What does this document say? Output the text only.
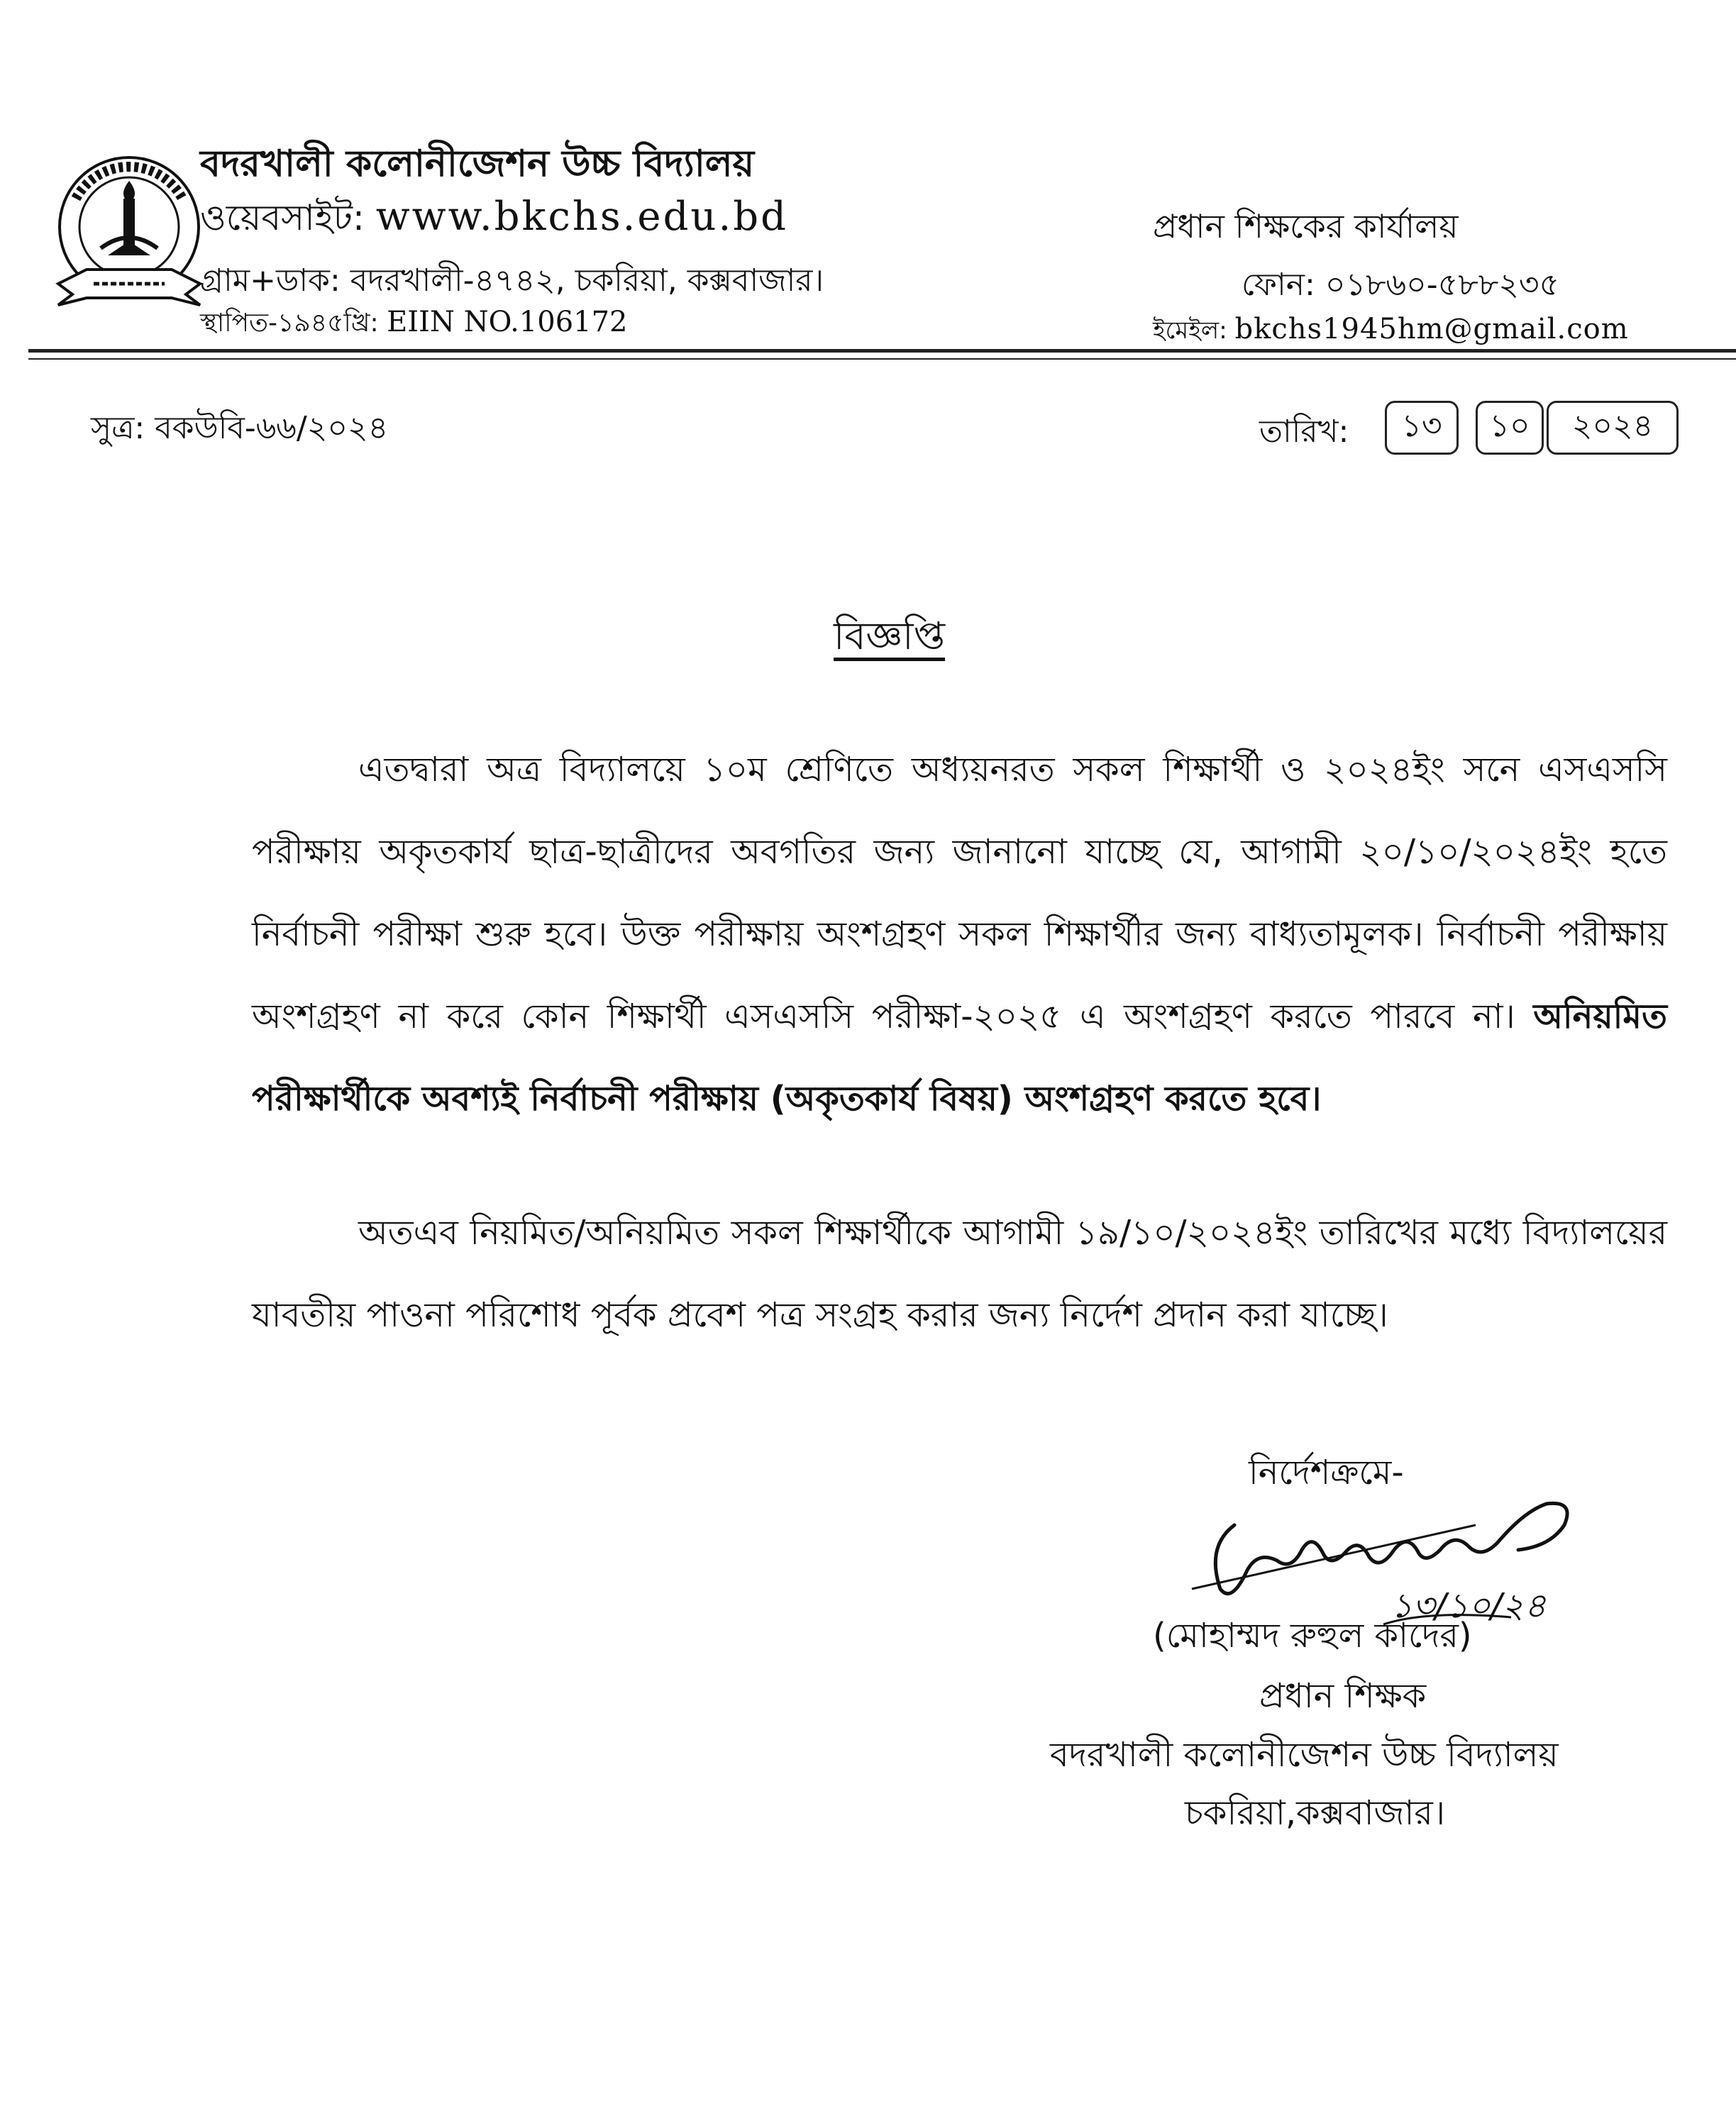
বদরখালী কলোনীজেশন উচ্চ বিদ্যালয়
ওয়েবসাইট: www.bkchs.edu.bd
গ্রাম+ডাক: বদরখালী-৪৭৪২, চকরিয়া, কক্সবাজার।
স্থাপিত-১৯৪৫খ্রি: EIIN NO.106172
প্রধান শিক্ষকের কার্যালয়
ফোন: ০১৮৬০-৫৮৮২৩৫
ইমেইল: bkchs1945hm@gmail.com
সুত্র: বকউবি-৬৬/২০২৪	তারিখ:	১৩	১০	২০২৪
বিজ্ঞপ্তি

এতদ্বারা অত্র বিদ্যালয়ে ১০ম শ্রেণিতে অধ্যয়নরত সকল শিক্ষার্থী ও ২০২৪ইং সনে এসএসসি পরীক্ষায় অকৃতকার্য ছাত্র-ছাত্রীদের অবগতির জন্য জানানো যাচ্ছে যে, আগামী ২০/১০/২০২৪ইং হতে নির্বাচনী পরীক্ষা শুরু হবে। উক্ত পরীক্ষায় অংশগ্রহণ সকল শিক্ষার্থীর জন্য বাধ্যতামূলক। নির্বাচনী পরীক্ষায় অংশগ্রহণ না করে কোন শিক্ষার্থী এসএসসি পরীক্ষা-২০২৫ এ অংশগ্রহণ করতে পারবে না। অনিয়মিত পরীক্ষার্থীকে অবশ্যই নির্বাচনী পরীক্ষায় (অকৃতকার্য বিষয়) অংশগ্রহণ করতে হবে।

অতএব নিয়মিত/অনিয়মিত সকল শিক্ষার্থীকে আগামী ১৯/১০/২০২৪ইং তারিখের মধ্যে বিদ্যালয়ের যাবতীয় পাওনা পরিশোধ পূর্বক প্রবেশ পত্র সংগ্রহ করার জন্য নির্দেশ প্রদান করা যাচ্ছে।

নির্দেশক্রমে-
১৩/১০/২৪
(মোহাম্মদ রুহুল কাদের)
প্রধান শিক্ষক
বদরখালী কলোনীজেশন উচ্চ বিদ্যালয়
চকরিয়া,কক্সবাজার।
